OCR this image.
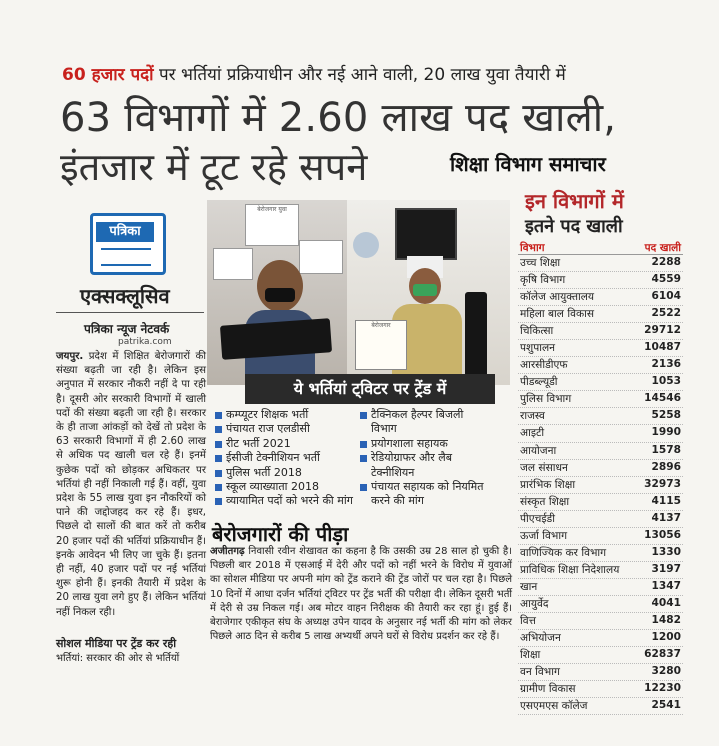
60 हजार पदों पर भर्तियां प्रक्रियाधीन और नई आने वाली, 20 लाख युवा तैयारी में
63 विभागों में 2.60 लाख पद खाली,
इंतजार में टूट रहे सपने	शिक्षा विभाग समाचार
पत्रिका
एक्सक्लूसिव
पत्रिका न्यूज नेटवर्क
patrika.com
जयपुर. प्रदेश में शिक्षित बेरोजगारों की संख्या बढ़ती जा रही है। लेकिन इस अनुपात में सरकार नौकरी नहीं दे पा रही है। दूसरी ओर सरकारी विभागों में खाली पदों की संख्या बढ़ती जा रही है। सरकार के ही ताजा आंकड़ों को देखें तो प्रदेश के 63 सरकारी विभागों में ही 2.60 लाख से अधिक पद खाली चल रहे हैं। इनमें कुछेक पदों को छोड़कर अधिकतर पर भर्तियां ही नहीं निकाली गई हैं। वहीं, युवा प्रदेश के 55 लाख युवा इन नौकरियों को पाने की जद्दोजहद कर रहे हैं। इधर, पिछले दो सालों की बात करें तो करीब 20 हजार पदों की भर्तियां प्रक्रियाधीन हैं। इनके आवेदन भी लिए जा चुके हैं। इतना ही नहीं, 40 हजार पदों पर नई भर्तियां शुरू होनी हैं। इनकी तैयारी में प्रदेश के 20 लाख युवा लगे हुए हैं। लेकिन भर्तियां नहीं निकल रही।
सोशल मीडिया पर ट्रेंड कर रही
भर्तियां: सरकार की ओर से भर्तियों
बेरोजगार युवा
बेरोजगार
ये भर्तियां ट्विटर पर ट्रेंड में
कम्प्यूटर शिक्षक भर्ती
पंचायत राज एलडीसी
रीट भर्ती 2021
ईसीजी टेक्नीशियन भर्ती
पुलिस भर्ती 2018
स्कूल व्याख्याता 2018
व्यायामित पदों को भरने की मांग
टैक्निकल हैल्पर बिजली
विभाग
प्रयोगशाला सहायक
रेडियोग्राफर और लैब
टेक्नीशियन
पंचायत सहायक को नियमित
करने की मांग
बेरोजगारों की पीड़ा
अजीतगढ़ निवासी रवीन शेखावत का कहना है कि उसकी उम्र 28 साल हो चुकी है। पिछली बार 2018 में एसआई में देरी और पदों को नहीं भरने के विरोध में युवाओं का सोशल मीडिया पर अपनी मांग को ट्रेंड कराने की ट्रेंड जोरों पर चल रहा है। पिछले 10 दिनों में आधा दर्जन भर्तियां ट्विटर पर ट्रेंड भर्ती की परीक्षा दी। लेकिन दूसरी भर्ती में देरी से उम्र निकल गई। अब मोटर वाहन निरीक्षक की तैयारी कर रहा हूं। हुई हैं। बेराजेगार एकीकृत संघ के अध्यक्ष उपेन यादव के अनुसार नई भर्ती की मांग को लेकर पिछले आठ दिन से करीब 5 लाख अभ्यर्थी अपने घरों से विरोध प्रदर्शन कर रहे हैं।
इन विभागों में
इतने पद खाली
विभाग	पद खाली
उच्च शिक्षा	2288
कृषि विभाग	4559
कॉलेज आयुक्तालय	6104
महिला बाल विकास	2522
चिकित्सा	29712
पशुपालन	10487
आरसीडीएफ	2136
पीडब्ल्यूडी	1053
पुलिस विभाग	14546
राजस्व	5258
आइटी	1990
आयोजना	1578
जल संसाधन	2896
प्रारंभिक शिक्षा	32973
संस्कृत शिक्षा	4115
पीएचईडी	4137
ऊर्जा विभाग	13056
वाणिज्यिक कर विभाग	1330
प्राविधिक शिक्षा निदेशालय	3197
खान	1347
आयुर्वेद	4041
वित्त	1482
अभियोजन	1200
शिक्षा	62837
वन विभाग	3280
ग्रामीण विकास	12230
एसएमएस कॉलेज	2541
